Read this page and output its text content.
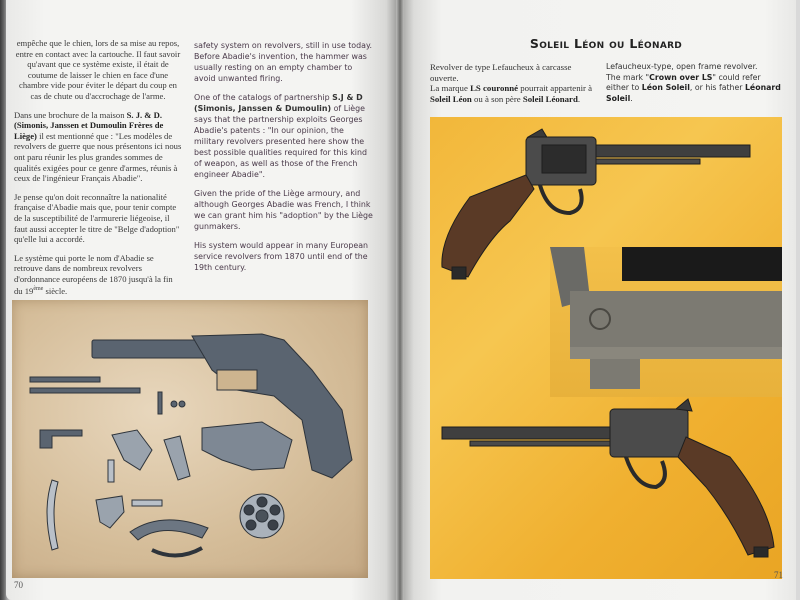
empêche que le chien, lors de sa mise au repos, entre en contact avec la cartouche. Il faut savoir qu'avant que ce système existe, il était de coutume de laisser le chien en face d'une chambre vide pour éviter le départ du coup en cas de chute ou d'accrochage de l'arme.

Dans une brochure de la maison S. J. & D. (Simonis, Janssen et Dumoulin Frères de Liège) il est mentionné que : "Les modèles de revolvers de guerre que nous présentons ici nous ont paru réunir les plus grandes sommes de qualités exigées pour ce genre d'armes, réunis à ceux de l'ingénieur Français Abadie".

Je pense qu'on doit reconnaître la nationalité française d'Abadie mais que, pour tenir compte de la susceptibilité de l'armurerie liégeoise, il faut aussi accepter le titre de "Belge d'adoption" qu'elle lui a accordé.

Le système qui porte le nom d'Abadie se retrouve dans de nombreux revolvers d'ordonnance européens de 1870 jusqu'à la fin du 19ème siècle.

safety system on revolvers, still in use today. Before Abadie's invention, the hammer was usually resting on an empty chamber to avoid unwanted firing.

One of the catalogs of partnership S.J & D (Simonis, Janssen & Dumoulin) of Liège says that the partnership exploits Georges Abadie's patents : "In our opinion, the military revolvers presented here show the best possible qualities required for this kind of weapon, as well as those of the French engineer Abadie".

Given the pride of the Liège armoury, and although Georges Abadie was French, I think we can grant him his "adoption" by the Liège gunmakers.

His system would appear in many European service revolvers from 1870 until end of the 19th century.

70
Soleil Léon ou Léonard
Revolver de type Lefaucheux à carcasse ouverte.
La marque LS couronné pourrait appartenir à Soleil Léon ou à son père Soleil Léonard.
Lefaucheux-type, open frame revolver.
The mark "Crown over LS" could refer either to Léon Soleil, or his father Léonard Soleil.
71
